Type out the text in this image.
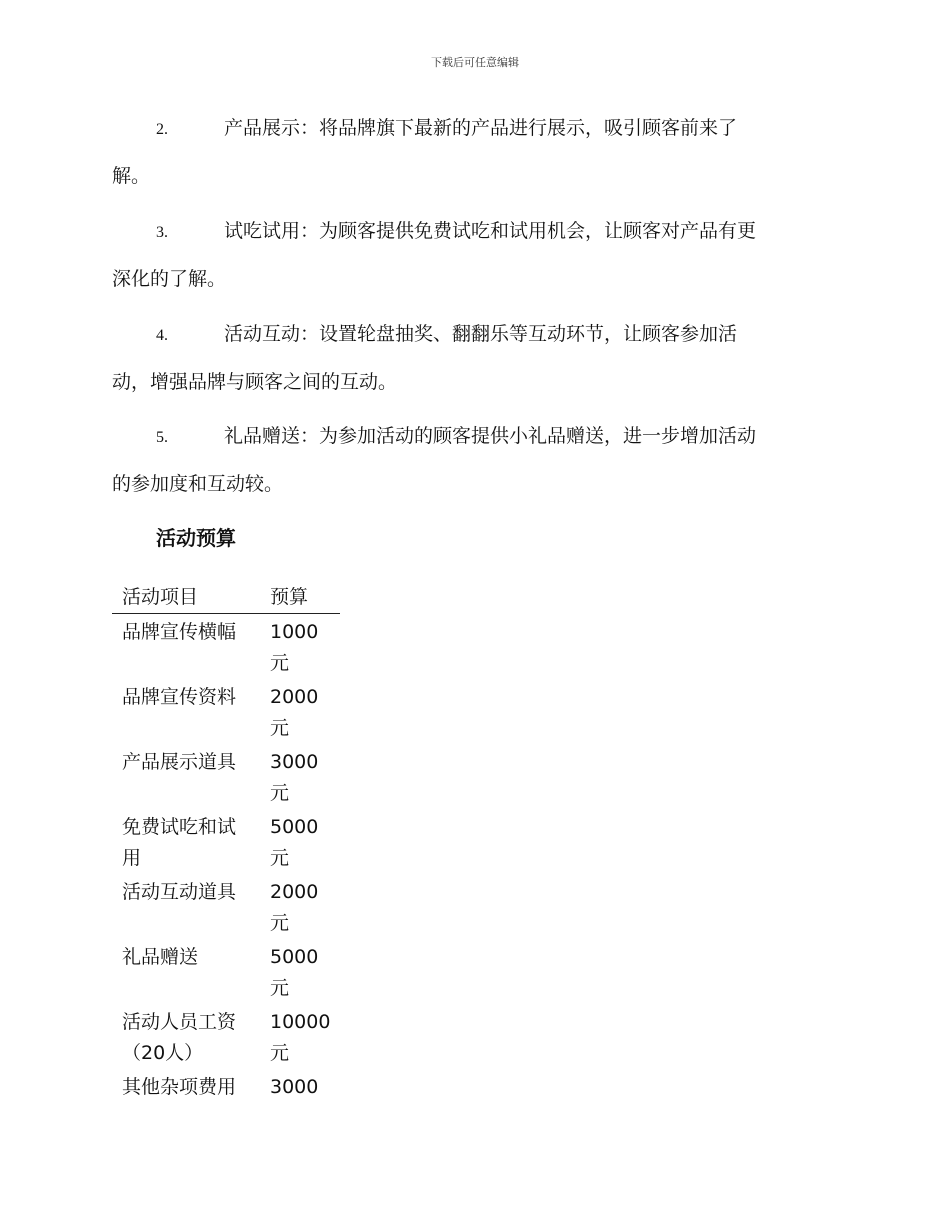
下载后可任意编辑
2.	产品展示：将品牌旗下最新的产品进行展示，吸引顾客前来了
解。
3.	试吃试用：为顾客提供免费试吃和试用机会，让顾客对产品有更
深化的了解。
4.	活动互动：设置轮盘抽奖、翻翻乐等互动环节，让顾客参加活
动，增强品牌与顾客之间的互动。
5.	礼品赠送：为参加活动的顾客提供小礼品赠送，进一步增加活动
的参加度和互动较。
活动预算
活动项目	预算
品牌宣传横幅	1000元
品牌宣传资料	2000元
产品展示道具	3000元
免费试吃和试用	5000元
活动互动道具	2000元
礼品赠送	5000元
活动人员工资（20人）	10000元
其他杂项费用	3000
